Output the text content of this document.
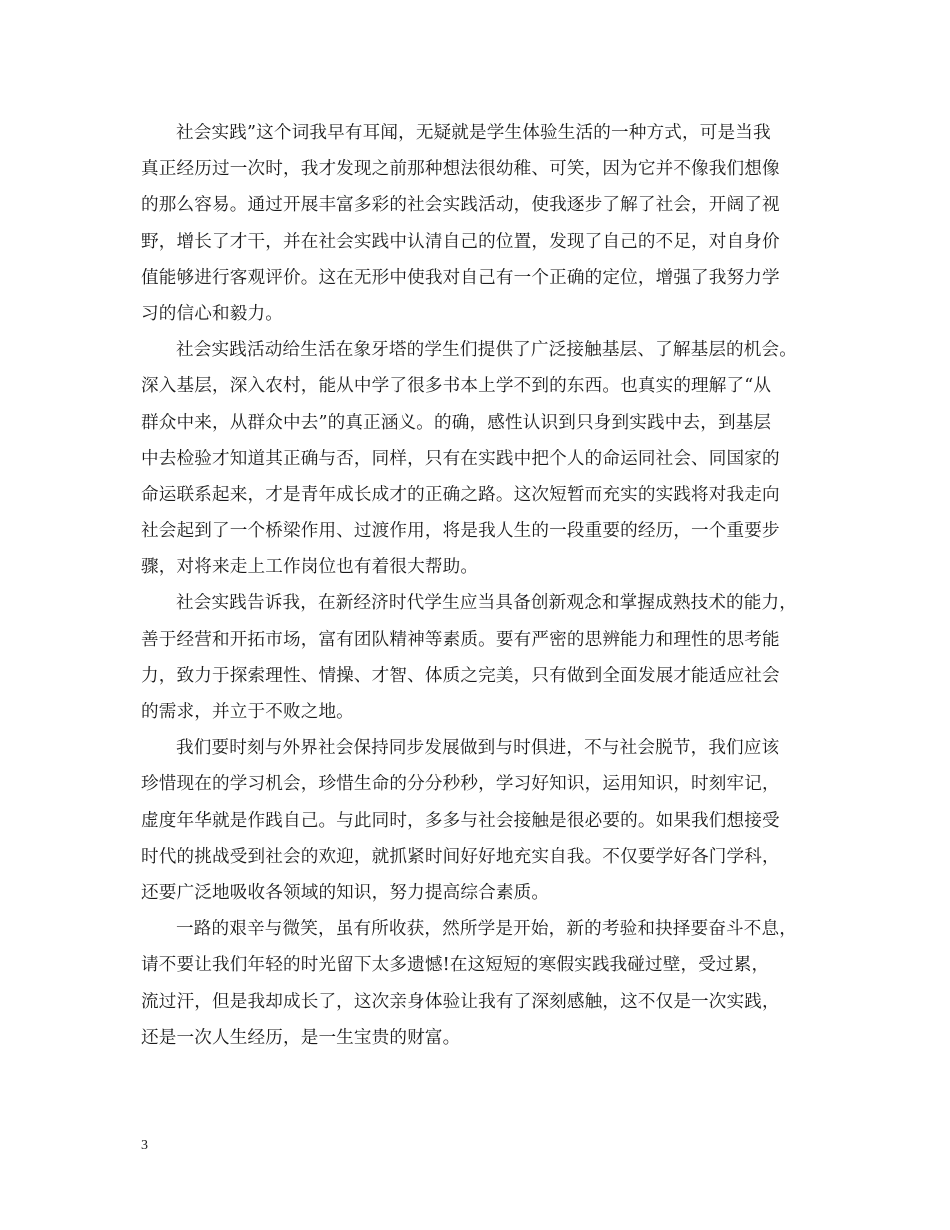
社会实践”这个词我早有耳闻，无疑就是学生体验生活的一种方式，可是当我
真正经历过一次时，我才发现之前那种想法很幼稚、可笑，因为它并不像我们想像
的那么容易。通过开展丰富多彩的社会实践活动，使我逐步了解了社会，开阔了视
野，增长了才干，并在社会实践中认清自己的位置，发现了自己的不足，对自身价
值能够进行客观评价。这在无形中使我对自己有一个正确的定位，增强了我努力学
习的信心和毅力。
社会实践活动给生活在象牙塔的学生们提供了广泛接触基层、了解基层的机会。
深入基层，深入农村，能从中学了很多书本上学不到的东西。也真实的理解了“从
群众中来，从群众中去”的真正涵义。的确，感性认识到只身到实践中去，到基层
中去检验才知道其正确与否，同样，只有在实践中把个人的命运同社会、同国家的
命运联系起来，才是青年成长成才的正确之路。这次短暂而充实的实践将对我走向
社会起到了一个桥梁作用、过渡作用，将是我人生的一段重要的经历，一个重要步
骤，对将来走上工作岗位也有着很大帮助。
社会实践告诉我，在新经济时代学生应当具备创新观念和掌握成熟技术的能力，
善于经营和开拓市场，富有团队精神等素质。要有严密的思辨能力和理性的思考能
力，致力于探索理性、情操、才智、体质之完美，只有做到全面发展才能适应社会
的需求，并立于不败之地。
我们要时刻与外界社会保持同步发展做到与时俱进，不与社会脱节，我们应该
珍惜现在的学习机会，珍惜生命的分分秒秒，学习好知识，运用知识，时刻牢记，
虚度年华就是作践自己。与此同时，多多与社会接触是很必要的。如果我们想接受
时代的挑战受到社会的欢迎，就抓紧时间好好地充实自我。不仅要学好各门学科，
还要广泛地吸收各领域的知识，努力提高综合素质。
一路的艰辛与微笑，虽有所收获，然所学是开始，新的考验和抉择要奋斗不息，
请不要让我们年轻的时光留下太多遗憾!在这短短的寒假实践我碰过壁，受过累，
流过汗，但是我却成长了，这次亲身体验让我有了深刻感触，这不仅是一次实践，
还是一次人生经历，是一生宝贵的财富。
3
